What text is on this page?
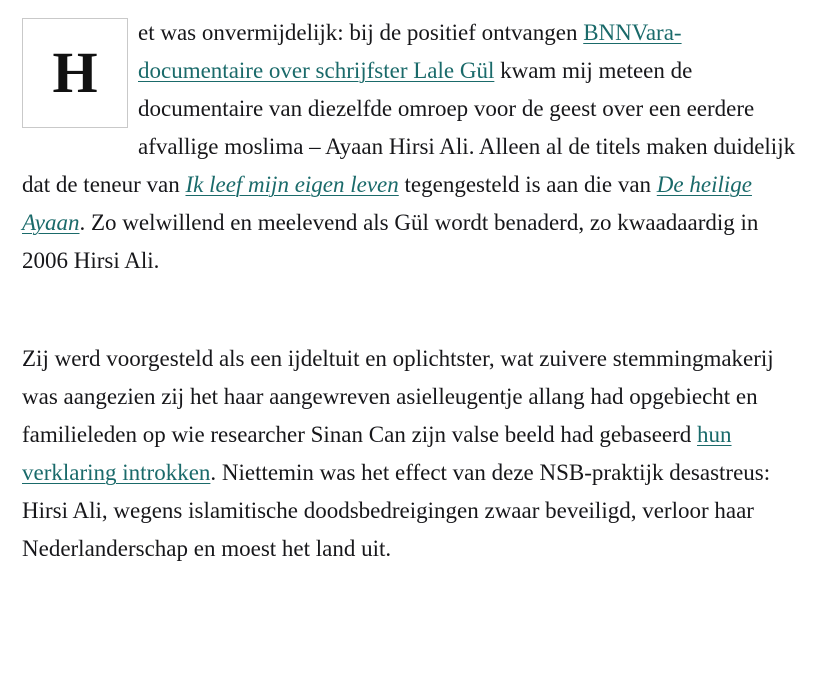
H
et was onvermijdelijk: bij de positief ontvangen BNNVara-documentaire over schrijfster Lale Gül kwam mij meteen de documentaire van diezelfde omroep voor de geest over een eerdere afvallige moslima – Ayaan Hirsi Ali. Alleen al de titels maken duidelijk dat de teneur van Ik leef mijn eigen leven tegengesteld is aan die van De heilige Ayaan. Zo welwillend en meelevend als Gül wordt benaderd, zo kwaadaardig in 2006 Hirsi Ali.

Zij werd voorgesteld als een ijdeltuit en oplichtster, wat zuivere stemmingmakerij was aangezien zij het haar aangewreven asielleugentje allang had opgebiecht en familieleden op wie researcher Sinan Can zijn valse beeld had gebaseerd hun verklaring introkken. Niettemin was het effect van deze NSB-praktijk desastreus: Hirsi Ali, wegens islamitische doodsbedreigingen zwaar beveiligd, verloor haar Nederlanderschap en moest het land uit.
